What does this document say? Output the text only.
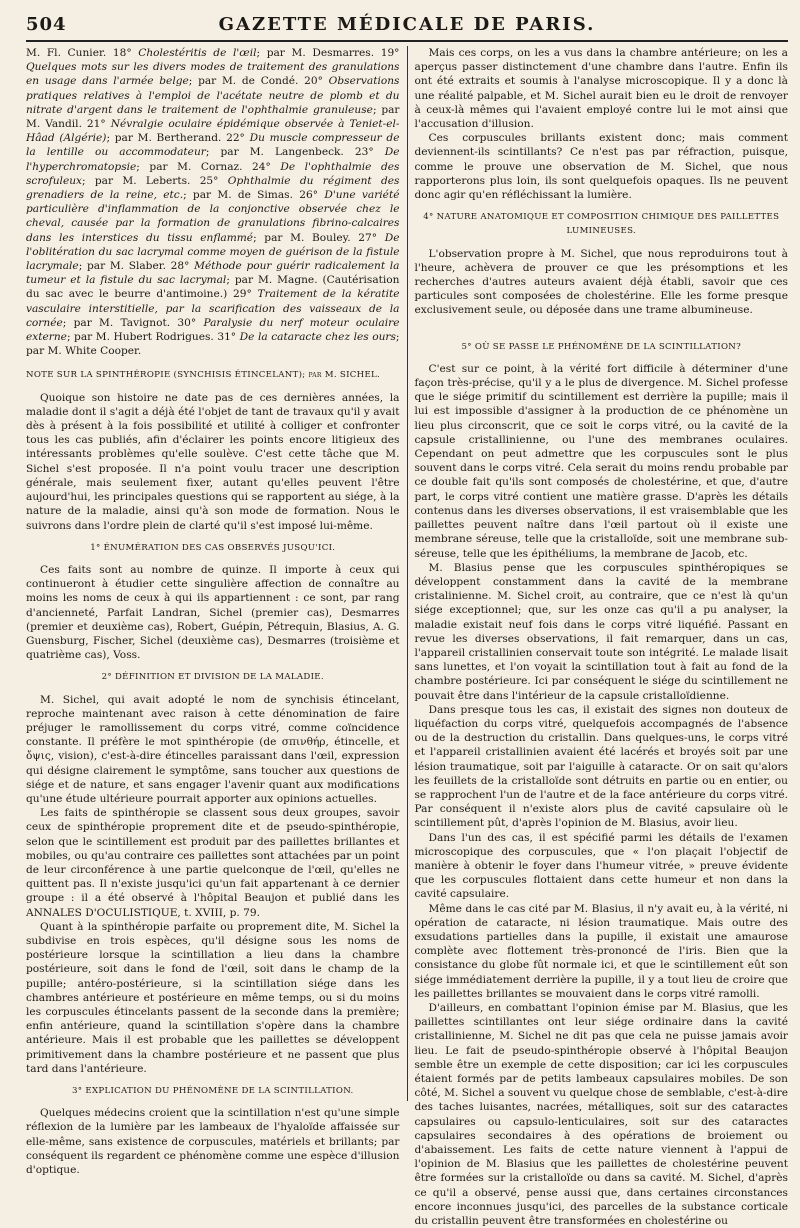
504	GAZETTE MÉDICALE DE PARIS.

M. Fl. Cunier. 18° Cholestéritis de l'œil; par M. Desmarres. 19° Quelques mots sur les divers modes de traitement des granulations en usage dans l'armée belge; par M. de Condé. 20° Observations pratiques relatives à l'emploi de l'acétate neutre de plomb et du nitrate d'argent dans le traitement de l'ophthalmie granuleuse; par M. Vandil. 21° Névralgie oculaire épidémique observée à Teniet-el-Hâad (Algérie); par M. Bertherand. 22° Du muscle compresseur de la lentille ou accommodateur; par M. Langenbeck. 23° De l'hyperchromatopsie; par M. Cornaz. 24° De l'ophthalmie des scrofuleux; par M. Leberts. 25° Ophthalmie du régiment des grenadiers de la reine, etc.; par M. de Simas. 26° D'une variété particulière d'inflammation de la conjonctive observée chez le cheval, causée par la formation de granulations fibrino-calcaires dans les interstices du tissu enflammé; par M. Bouley. 27° De l'oblitération du sac lacrymal comme moyen de guérison de la fistule lacrymale; par M. Slaber. 28° Méthode pour guérir radicalement la tumeur et la fistule du sac lacrymal; par M. Magne. (Cautérisation du sac avec le beurre d'antimoine.) 29° Traitement de la kératite vasculaire interstitielle, par la scarification des vaisseaux de la cornée; par M. Tavignot. 30° Paralysie du nerf moteur oculaire externe; par M. Hubert Rodrigues. 31° De la cataracte chez les ours; par M. White Cooper.

NOTE SUR LA SPINTHÉROPIE (SYNCHISIS ÉTINCELANT); par M. SICHEL.

Quoique son histoire ne date pas de ces dernières années, la maladie dont il s'agit a déjà été l'objet de tant de travaux qu'il y avait dès à présent à la fois possibilité et utilité à colliger et confronter tous les cas publiés, afin d'éclairer les points encore litigieux des intéressants problèmes qu'elle soulève. C'est cette tâche que M. Sichel s'est proposée. Il n'a point voulu tracer une description générale, mais seulement fixer, autant qu'elles peuvent l'être aujourd'hui, les principales questions qui se rapportent au siége, à la nature de la maladie, ainsi qu'à son mode de formation. Nous le suivrons dans l'ordre plein de clarté qu'il s'est imposé lui-même.

1° ÉNUMÉRATION DES CAS OBSERVÉS JUSQU'ICI.

Ces faits sont au nombre de quinze. Il importe à ceux qui continueront à étudier cette singulière affection de connaître au moins les noms de ceux à qui ils appartiennent : ce sont, par rang d'ancienneté, Parfait Landran, Sichel (premier cas), Desmarres (premier et deuxième cas), Robert, Guépin, Pétrequin, Blasius, A. G. Guensburg, Fischer, Sichel (deuxième cas), Desmarres (troisième et quatrième cas), Voss.

2° DÉFINITION ET DIVISION DE LA MALADIE.

M. Sichel, qui avait adopté le nom de synchisis étincelant, reproche maintenant avec raison à cette dénomination de faire préjuger le ramollissement du corps vitré, comme coïncidence constante. Il préfère le mot spinthéropie (de σπινθήρ, étincelle, et ὄψις, vision), c'est-à-dire étincelles paraissant dans l'œil, expression qui désigne clairement le symptôme, sans toucher aux questions de siége et de nature, et sans engager l'avenir quant aux modifications qu'une étude ultérieure pourrait apporter aux opinions actuelles.

Les faits de spinthéropie se classent sous deux groupes, savoir ceux de spinthéropie proprement dite et de pseudo-spinthéropie, selon que le scintillement est produit par des paillettes brillantes et mobiles, ou qu'au contraire ces paillettes sont attachées par un point de leur circonférence à une partie quelconque de l'œil, qu'elles ne quittent pas. Il n'existe jusqu'ici qu'un fait appartenant à ce dernier groupe : il a été observé à l'hôpital Beaujon et publié dans les ANNALES D'OCULISTIQUE, t. XVIII, p. 79.

Quant à la spinthéropie parfaite ou proprement dite, M. Sichel la subdivise en trois espèces, qu'il désigne sous les noms de postérieure lorsque la scintillation a lieu dans la chambre postérieure, soit dans le fond de l'œil, soit dans le champ de la pupille; antéro-postérieure, si la scintillation siége dans les chambres antérieure et postérieure en même temps, ou si du moins les corpuscules étincelants passent de la seconde dans la première; enfin antérieure, quand la scintillation s'opère dans la chambre antérieure. Mais il est probable que les paillettes se développent primitivement dans la chambre postérieure et ne passent que plus tard dans l'antérieure.

3° EXPLICATION DU PHÉNOMÈNE DE LA SCINTILLATION.

Quelques médecins croient que la scintillation n'est qu'une simple réflexion de la lumière par les lambeaux de l'hyaloïde affaissée sur elle-même, sans existence de corpuscules, matériels et brillants; par conséquent ils regardent ce phénomène comme une espèce d'illusion d'optique.

Mais ces corps, on les a vus dans la chambre antérieure; on les a aperçus passer distinctement d'une chambre dans l'autre. Enfin ils ont été extraits et soumis à l'analyse microscopique. Il y a donc là une réalité palpable, et M. Sichel aurait bien eu le droit de renvoyer à ceux-là mêmes qui l'avaient employé contre lui le mot ainsi que l'accusation d'illusion.

Ces corpuscules brillants existent donc; mais comment deviennent-ils scintillants? Ce n'est pas par réfraction, puisque, comme le prouve une observation de M. Sichel, que nous rapporterons plus loin, ils sont quelquefois opaques. Ils ne peuvent donc agir qu'en réfléchissant la lumière.

4° NATURE ANATOMIQUE ET COMPOSITION CHIMIQUE DES PAILLETTES LUMINEUSES.

L'observation propre à M. Sichel, que nous reproduirons tout à l'heure, achèvera de prouver ce que les présomptions et les recherches d'autres auteurs avaient déjà établi, savoir que ces particules sont composées de cholestérine. Elle les forme presque exclusivement seule, ou déposée dans une trame albumineuse.

5° OÙ SE PASSE LE PHÉNOMÈNE DE LA SCINTILLATION?

C'est sur ce point, à la vérité fort difficile à déterminer d'une façon très-précise, qu'il y a le plus de divergence. M. Sichel professe que le siége primitif du scintillement est derrière la pupille; mais il lui est impossible d'assigner à la production de ce phénomène un lieu plus circonscrit, que ce soit le corps vitré, ou la cavité de la capsule cristallinienne, ou l'une des membranes oculaires. Cependant on peut admettre que les corpuscules sont le plus souvent dans le corps vitré. Cela serait du moins rendu probable par ce double fait qu'ils sont composés de cholestérine, et que, d'autre part, le corps vitré contient une matière grasse. D'après les détails contenus dans les diverses observations, il est vraisemblable que les paillettes peuvent naître dans l'œil partout où il existe une membrane séreuse, telle que la cristalloïde, soit une membrane sub-séreuse, telle que les épithéliums, la membrane de Jacob, etc.

M. Blasius pense que les corpuscules spinthéropiques se développent constamment dans la cavité de la membrane cristalinienne. M. Sichel croit, au contraire, que ce n'est là qu'un siége exceptionnel; que, sur les onze cas qu'il a pu analyser, la maladie existait neuf fois dans le corps vitré liquéfié. Passant en revue les diverses observations, il fait remarquer, dans un cas, l'appareil cristallinien conservait toute son intégrité. Le malade lisait sans lunettes, et l'on voyait la scintillation tout à fait au fond de la chambre postérieure. Ici par conséquent le siége du scintillement ne pouvait être dans l'intérieur de la capsule cristalloïdienne.

Dans presque tous les cas, il existait des signes non douteux de liquéfaction du corps vitré, quelquefois accompagnés de l'absence ou de la destruction du cristallin. Dans quelques-uns, le corps vitré et l'appareil cristallinien avaient été lacérés et broyés soit par une lésion traumatique, soit par l'aiguille à cataracte. Or on sait qu'alors les feuillets de la cristalloïde sont détruits en partie ou en entier, ou se rapprochent l'un de l'autre et de la face antérieure du corps vitré. Par conséquent il n'existe alors plus de cavité capsulaire où le scintillement pût, d'après l'opinion de M. Blasius, avoir lieu.

Dans l'un des cas, il est spécifié parmi les détails de l'examen microscopique des corpuscules, que « l'on plaçait l'objectif de manière à obtenir le foyer dans l'humeur vitrée, » preuve évidente que les corpuscules flottaient dans cette humeur et non dans la cavité capsulaire.

Même dans le cas cité par M. Blasius, il n'y avait eu, à la vérité, ni opération de cataracte, ni lésion traumatique. Mais outre des exsudations partielles dans la pupille, il existait une amaurose complète avec flottement très-prononcé de l'iris. Bien que la consistance du globe fût normale ici, et que le scintillement eût son siége immédiatement derrière la pupille, il y a tout lieu de croire que les paillettes brillantes se mouvaient dans le corps vitré ramolli.

D'ailleurs, en combattant l'opinion émise par M. Blasius, que les paillettes scintillantes ont leur siége ordinaire dans la cavité cristallinienne, M. Sichel ne dit pas que cela ne puisse jamais avoir lieu. Le fait de pseudo-spinthéropie observé à l'hôpital Beaujon semble être un exemple de cette disposition; car ici les corpuscules étaient formés par de petits lambeaux capsulaires mobiles. De son côté, M. Sichel a souvent vu quelque chose de semblable, c'est-à-dire des taches luisantes, nacrées, métalliques, soit sur des cataractes capsulaires ou capsulo-lenticulaires, soit sur des cataractes capsulaires secondaires à des opérations de broiement ou d'abaissement. Les faits de cette nature viennent à l'appui de l'opinion de M. Blasius que les paillettes de cholestérine peuvent être formées sur la cristalloïde ou dans sa cavité. M. Sichel, d'après ce qu'il a observé, pense aussi que, dans certaines circonstances encore inconnues jusqu'ici, des parcelles de la substance corticale du cristallin peuvent être transformées en cholestérine ou
